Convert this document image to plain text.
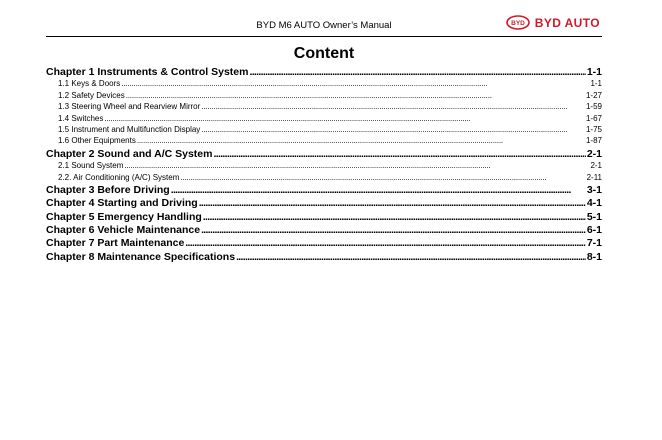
BYD M6 AUTO Owner’s Manual	BYD BYD AUTO
Content
Chapter 1 Instruments & Control System . . .	1-1
1.1 Keys & Doors . . .	1-1
1.2 Safety Devices . . .	1-27
1.3 Steering Wheel and Rearview Mirror . . .	1-59
1.4 Switches . . .	1-67
1.5 Instrument and Multifunction Display . . .	1-75
1.6 Other Equipments . . .	1-87
Chapter 2 Sound and A/C System . . .	2-1
2.1 Sound System . . .	2-1
2.2. Air Conditioning (A/C) System . . .	2-11
Chapter 3 Before Driving . . .	3-1
Chapter 4 Starting and Driving . . .	4-1
Chapter 5 Emergency Handling . . .	5-1
Chapter 6 Vehicle Maintenance . . .	6-1
Chapter 7 Part Maintenance . . .	7-1
Chapter 8 Maintenance Specifications . . .	8-1
